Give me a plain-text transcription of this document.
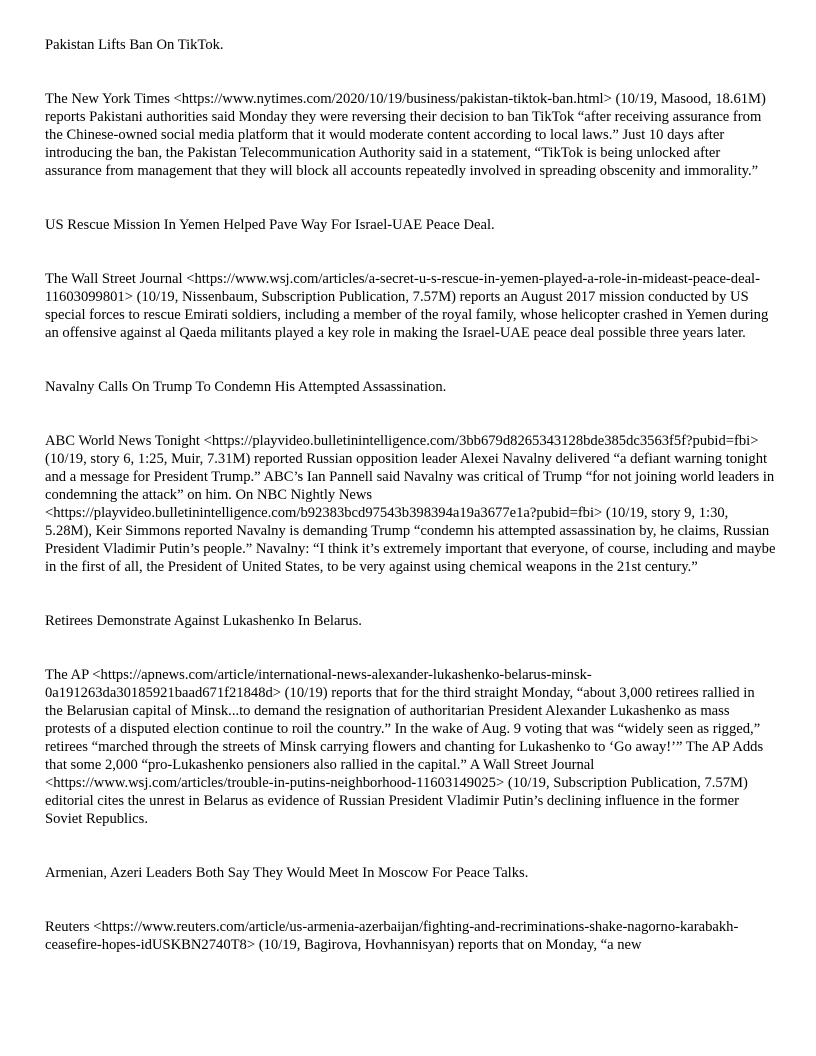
Pakistan Lifts Ban On TikTok.

The New York Times <https://www.nytimes.com/2020/10/19/business/pakistan-tiktok-ban.html> (10/19, Masood, 18.61M) reports Pakistani authorities said Monday they were reversing their decision to ban TikTok “after receiving assurance from the Chinese-owned social media platform that it would moderate content according to local laws.” Just 10 days after introducing the ban, the Pakistan Telecommunication Authority said in a statement, “TikTok is being unlocked after assurance from management that they will block all accounts repeatedly involved in spreading obscenity and immorality.”

US Rescue Mission In Yemen Helped Pave Way For Israel-UAE Peace Deal.

The Wall Street Journal <https://www.wsj.com/articles/a-secret-u-s-rescue-in-yemen-played-a-role-in-mideast-peace-deal-11603099801> (10/19, Nissenbaum, Subscription Publication, 7.57M) reports an August 2017 mission conducted by US special forces to rescue Emirati soldiers, including a member of the royal family, whose helicopter crashed in Yemen during an offensive against al Qaeda militants played a key role in making the Israel-UAE peace deal possible three years later.

Navalny Calls On Trump To Condemn His Attempted Assassination.

ABC World News Tonight <https://playvideo.bulletinintelligence.com/3bb679d8265343128bde385dc3563f5f?pubid=fbi> (10/19, story 6, 1:25, Muir, 7.31M) reported Russian opposition leader Alexei Navalny delivered “a defiant warning tonight and a message for President Trump.” ABC’s Ian Pannell said Navalny was critical of Trump “for not joining world leaders in condemning the attack” on him. On NBC Nightly News <https://playvideo.bulletinintelligence.com/b92383bcd97543b398394a19a3677e1a?pubid=fbi> (10/19, story 9, 1:30, 5.28M), Keir Simmons reported Navalny is demanding Trump “condemn his attempted assassination by, he claims, Russian President Vladimir Putin’s people.” Navalny: “I think it’s extremely important that everyone, of course, including and maybe in the first of all, the President of United States, to be very against using chemical weapons in the 21st century.”

Retirees Demonstrate Against Lukashenko In Belarus.

The AP <https://apnews.com/article/international-news-alexander-lukashenko-belarus-minsk-0a191263da30185921baad671f21848d> (10/19) reports that for the third straight Monday, “about 3,000 retirees rallied in the Belarusian capital of Minsk...to demand the resignation of authoritarian President Alexander Lukashenko as mass protests of a disputed election continue to roil the country.” In the wake of Aug. 9 voting that was “widely seen as rigged,” retirees “marched through the streets of Minsk carrying flowers and chanting for Lukashenko to ‘Go away!’” The AP Adds that some 2,000 “pro-Lukashenko pensioners also rallied in the capital.” A Wall Street Journal <https://www.wsj.com/articles/trouble-in-putins-neighborhood-11603149025> (10/19, Subscription Publication, 7.57M) editorial cites the unrest in Belarus as evidence of Russian President Vladimir Putin’s declining influence in the former Soviet Republics.

Armenian, Azeri Leaders Both Say They Would Meet In Moscow For Peace Talks.

Reuters <https://www.reuters.com/article/us-armenia-azerbaijan/fighting-and-recriminations-shake-nagorno-karabakh-ceasefire-hopes-idUSKBN2740T8> (10/19, Bagirova, Hovhannisyan) reports that on Monday, “a new
